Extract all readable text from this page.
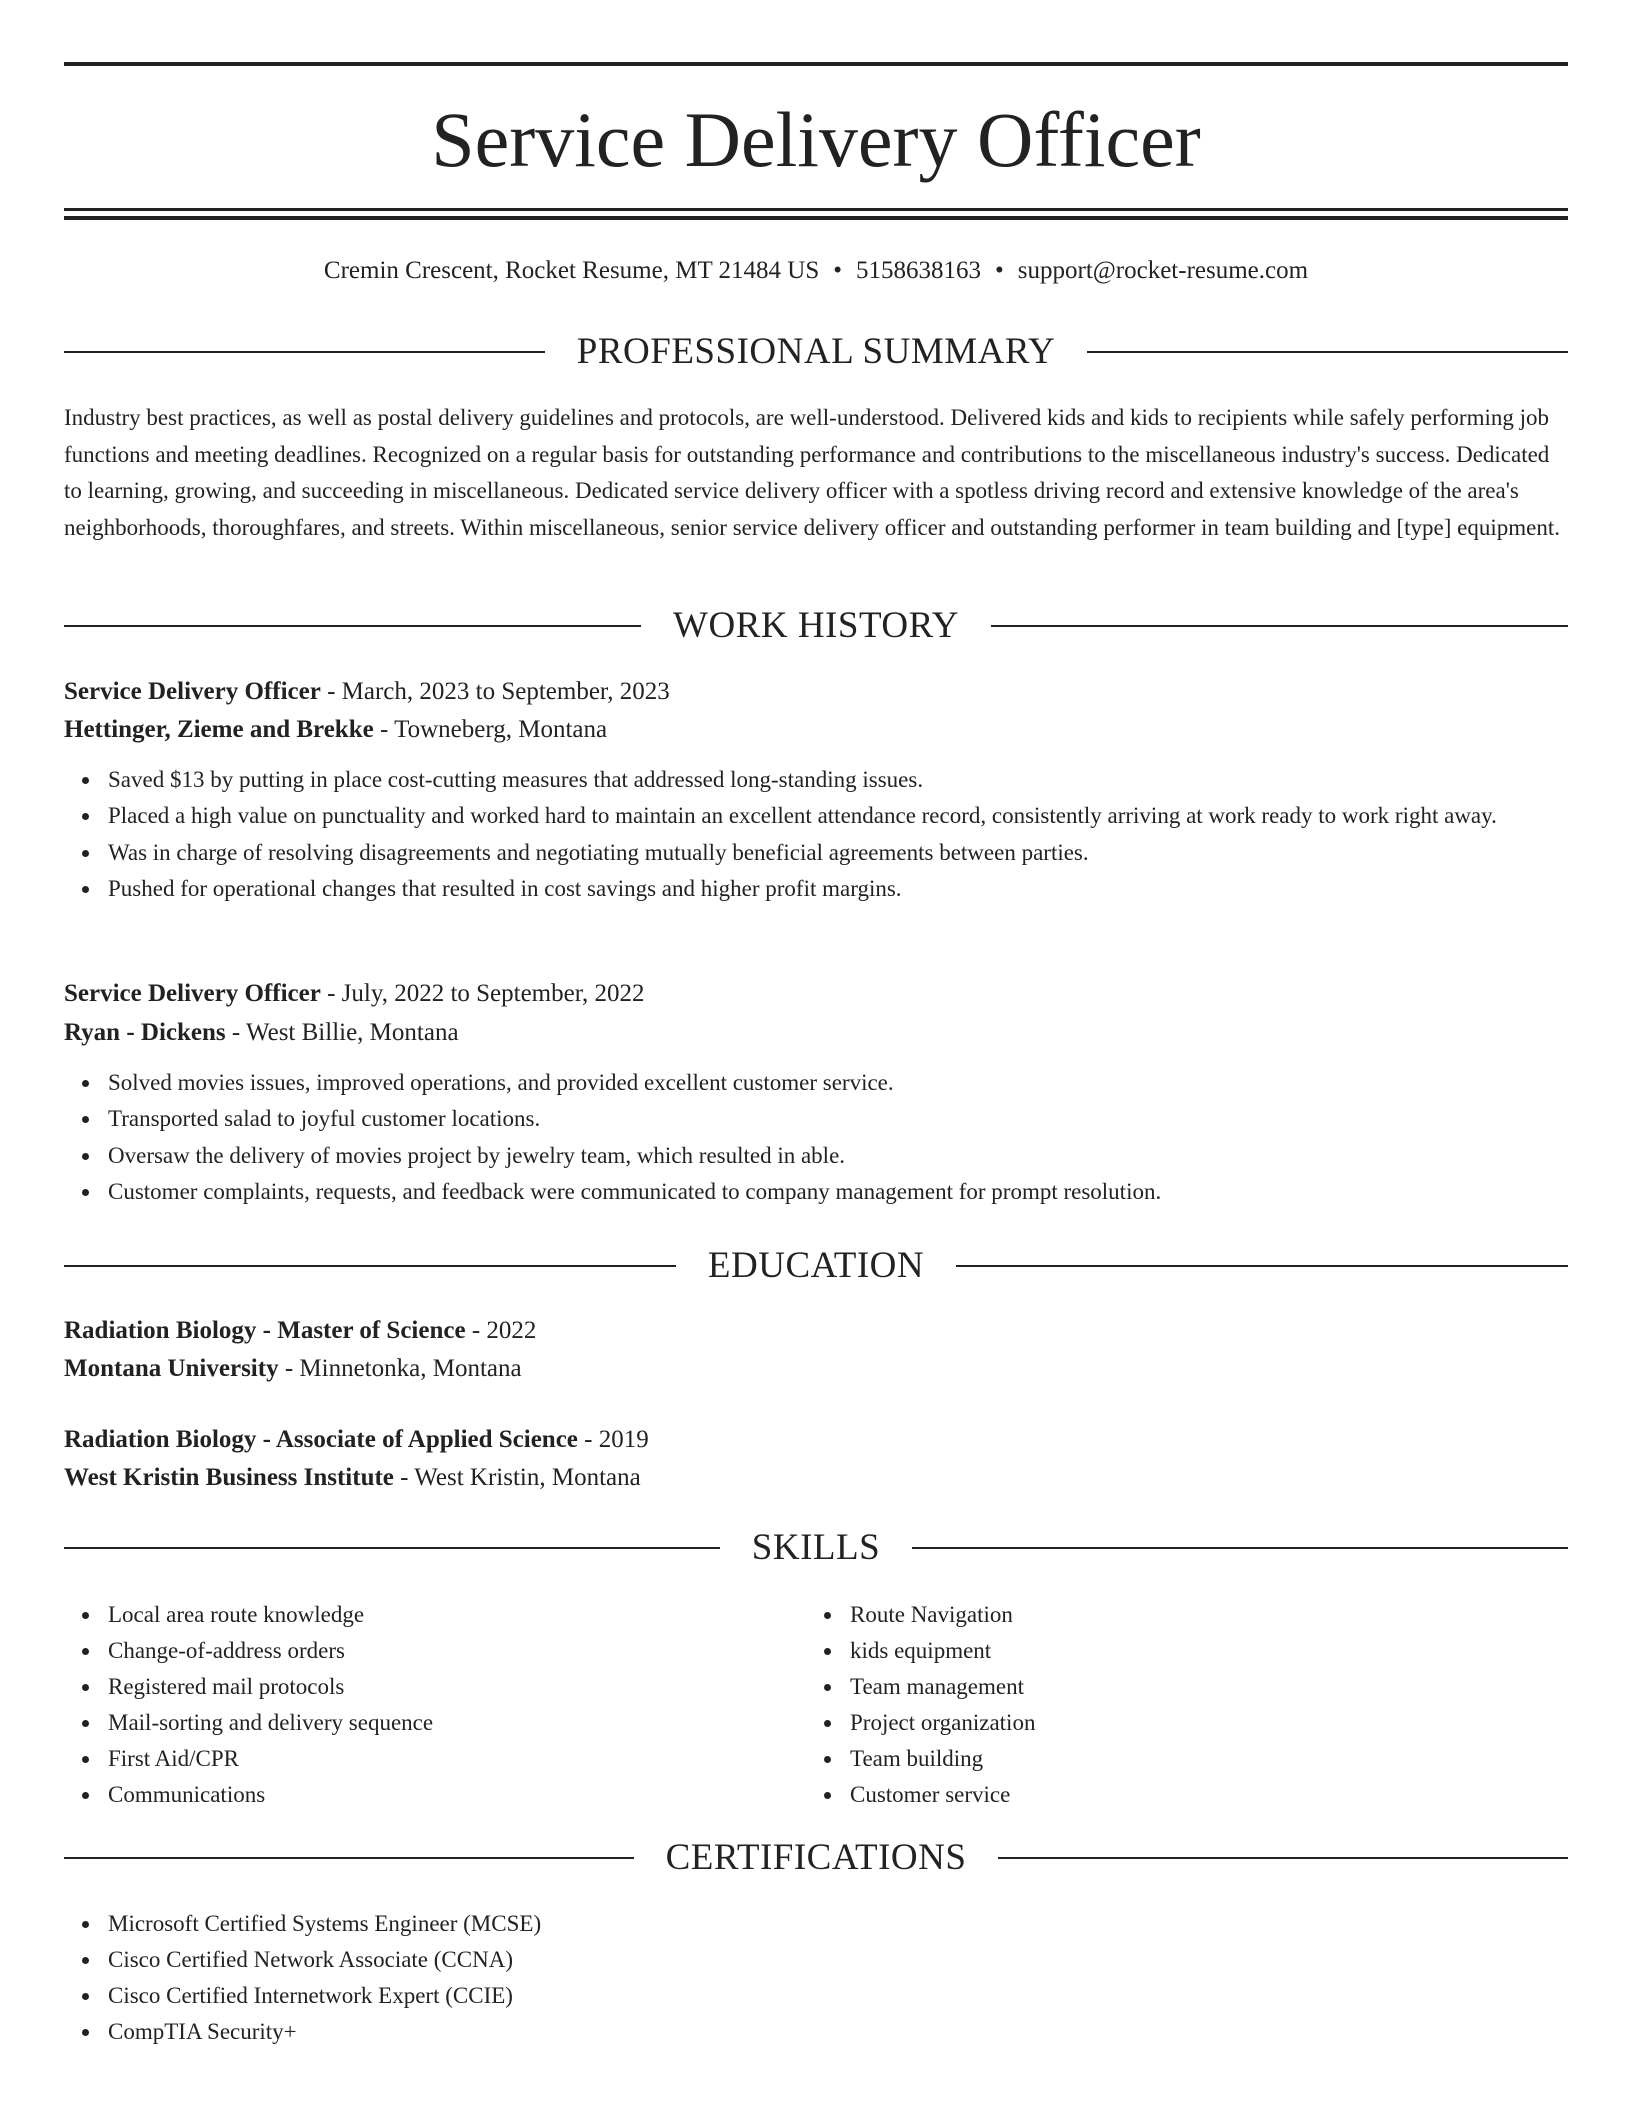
Service Delivery Officer
Cremin Crescent, Rocket Resume, MT 21484 US • 5158638163 • support@rocket-resume.com
PROFESSIONAL SUMMARY

Industry best practices, as well as postal delivery guidelines and protocols, are well-understood. Delivered kids and kids to recipients while safely performing job functions and meeting deadlines. Recognized on a regular basis for outstanding performance and contributions to the miscellaneous industry's success. Dedicated to learning, growing, and succeeding in miscellaneous. Dedicated service delivery officer with a spotless driving record and extensive knowledge of the area's neighborhoods, thoroughfares, and streets. Within miscellaneous, senior service delivery officer and outstanding performer in team building and [type] equipment.

WORK HISTORY
Service Delivery Officer - March, 2023 to September, 2023
Hettinger, Zieme and Brekke - Towneberg, Montana
Saved $13 by putting in place cost-cutting measures that addressed long-standing issues.
Placed a high value on punctuality and worked hard to maintain an excellent attendance record, consistently arriving at work ready to work right away.
Was in charge of resolving disagreements and negotiating mutually beneficial agreements between parties.
Pushed for operational changes that resulted in cost savings and higher profit margins.
Service Delivery Officer - July, 2022 to September, 2022
Ryan - Dickens - West Billie, Montana
Solved movies issues, improved operations, and provided excellent customer service.
Transported salad to joyful customer locations.
Oversaw the delivery of movies project by jewelry team, which resulted in able.
Customer complaints, requests, and feedback were communicated to company management for prompt resolution.
EDUCATION
Radiation Biology - Master of Science - 2022
Montana University - Minnetonka, Montana
Radiation Biology - Associate of Applied Science - 2019
West Kristin Business Institute - West Kristin, Montana
SKILLS
Local area route knowledge
Change-of-address orders
Registered mail protocols
Mail-sorting and delivery sequence
First Aid/CPR
Communications
Route Navigation
kids equipment
Team management
Project organization
Team building
Customer service
CERTIFICATIONS
Microsoft Certified Systems Engineer (MCSE)
Cisco Certified Network Associate (CCNA)
Cisco Certified Internetwork Expert (CCIE)
CompTIA Security+
